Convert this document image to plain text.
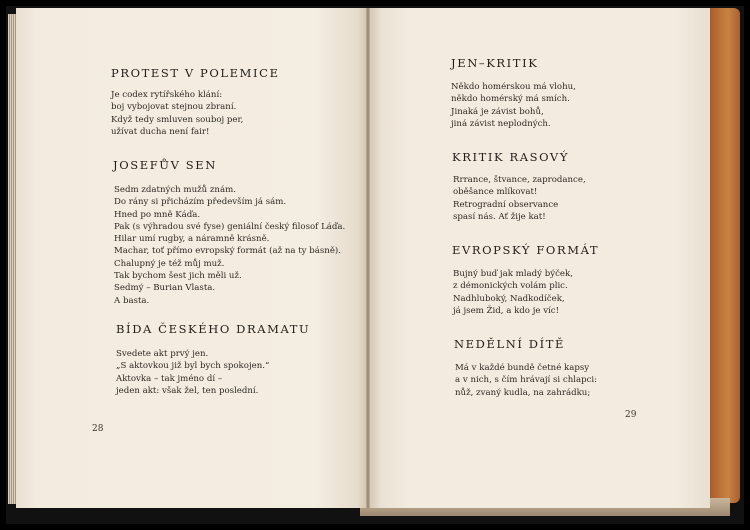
PROTEST V POLEMICE
Je codex rytířského klání:
boj vybojovat stejnou zbraní.
Když tedy smluven souboj per,
užívat ducha není fair!
JOSEFŮV SEN
Sedm zdatných mužů znám.
Do rány si přicházím především já sám.
Hned po mně Káďa.
Pak (s výhradou své fyse) geniální český filosof Láďa.
Hilar umí rugby, a náramně krásně.
Machar, toť přímo evropský formát (až na ty básně).
Chalupný je též můj muž.
Tak bychom šest jich měli už.
Sedmý – Burian Vlasta.
A basta.
BÍDA ČESKÉHO DRAMATU
Svedete akt prvý jen.
„S aktovkou již byl bych spokojen.“
Aktovka – tak jméno dí –
jeden akt: však žel, ten poslední.
28
JEN–KRITIK
Někdo homérskou má vlohu,
někdo homérský má smích.
Jinaká je závist bohů,
jiná závist neplodných.
KRITIK RASOVÝ
Rrrance, štvance, zaprodance,
oběšance mlíkovat!
Retrogradní observance
spasí nás. Ať žije kat!
EVROPSKÝ FORMÁT
Bujný buď jak mladý býček,
z démonických volám plic.
Nadhluboký, Nadkodíček,
já jsem Žid, a kdo je víc!
NEDĚLNÍ DÍTĚ
Má v každé bundě četné kapsy
a v nich, s čím hrávají si chlapci:
nůž, zvaný kudla, na zahrádku;
29
